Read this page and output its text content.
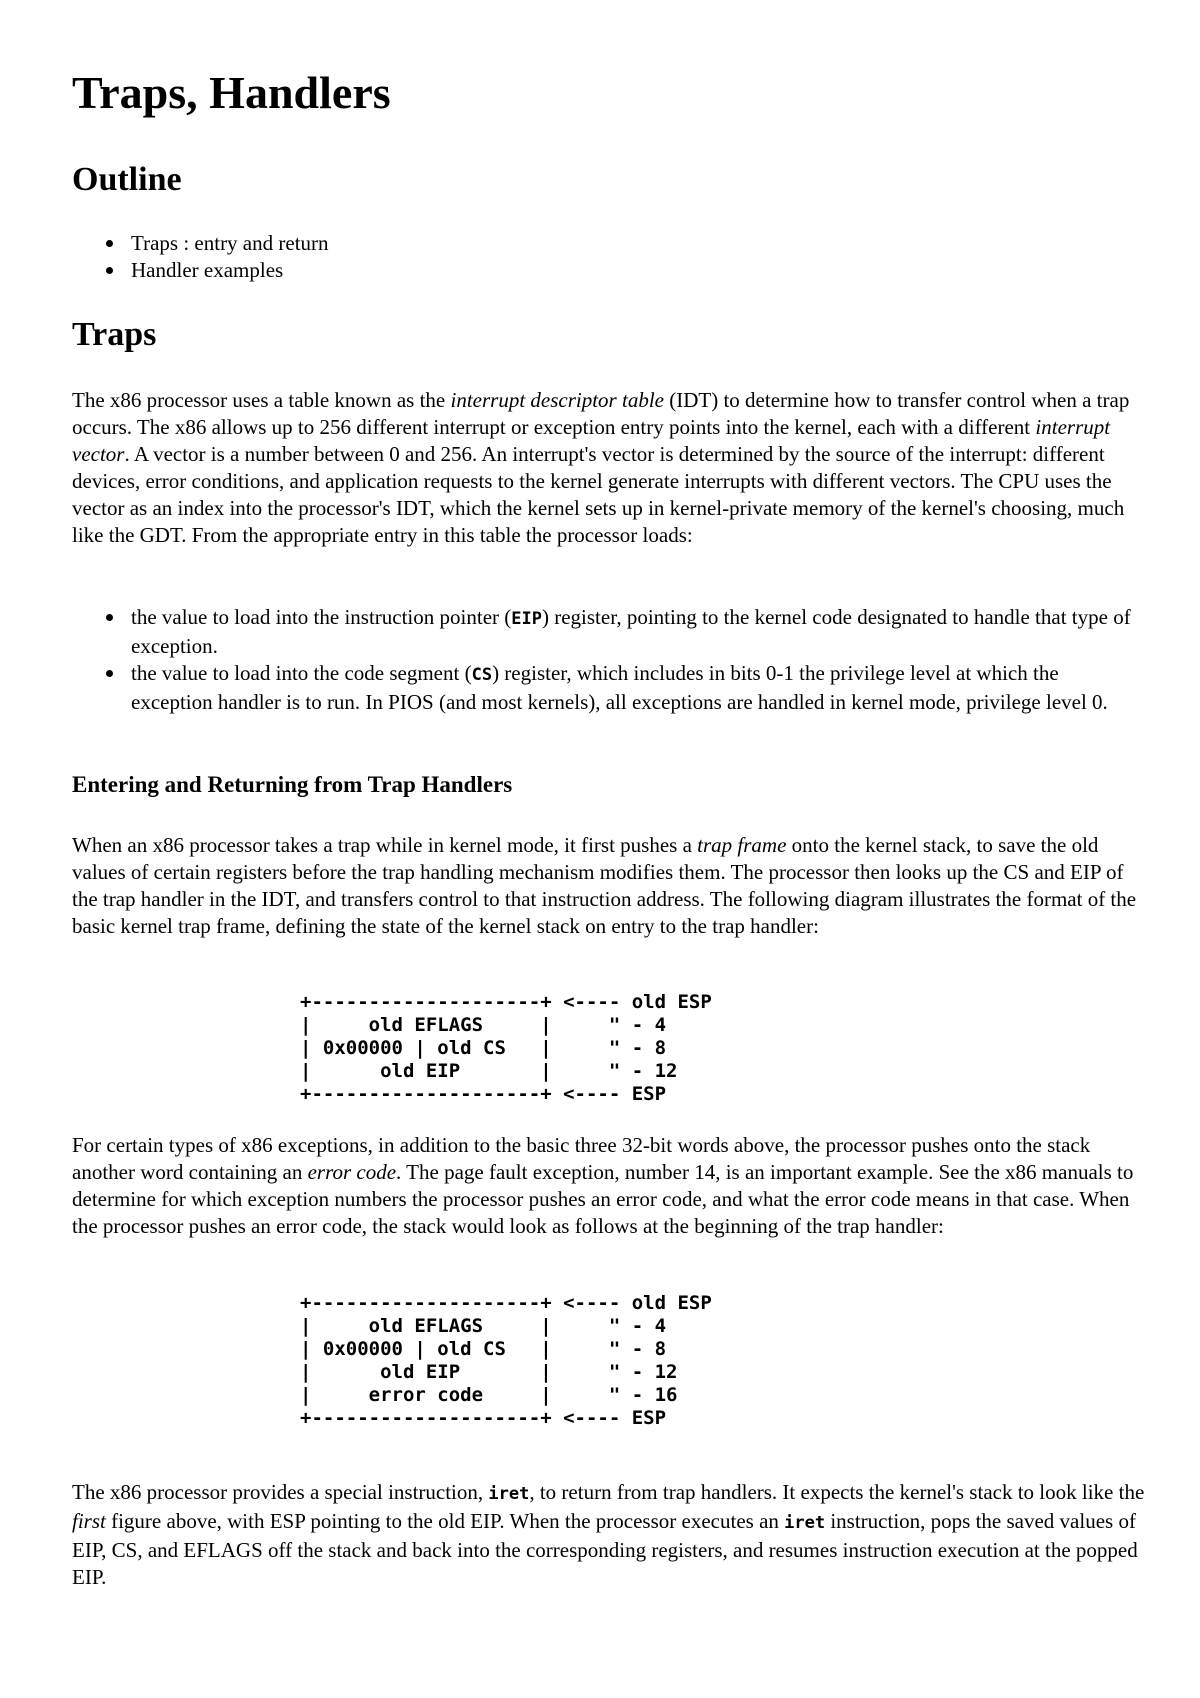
Traps, Handlers
Outline
Traps : entry and return
Handler examples
Traps

The x86 processor uses a table known as the interrupt descriptor table (IDT) to determine how to transfer control when a trap occurs. The x86 allows up to 256 different interrupt or exception entry points into the kernel, each with a different interrupt vector. A vector is a number between 0 and 256. An interrupt's vector is determined by the source of the interrupt: different devices, error conditions, and application requests to the kernel generate interrupts with different vectors. The CPU uses the vector as an index into the processor's IDT, which the kernel sets up in kernel-private memory of the kernel's choosing, much like the GDT. From the appropriate entry in this table the processor loads:

the value to load into the instruction pointer (EIP) register, pointing to the kernel code designated to handle that type of exception.
the value to load into the code segment (CS) register, which includes in bits 0-1 the privilege level at which the exception handler is to run. In PIOS (and most kernels), all exceptions are handled in kernel mode, privilege level 0.
Entering and Returning from Trap Handlers

When an x86 processor takes a trap while in kernel mode, it first pushes a trap frame onto the kernel stack, to save the old values of certain registers before the trap handling mechanism modifies them. The processor then looks up the CS and EIP of the trap handler in the IDT, and transfers control to that instruction address. The following diagram illustrates the format of the basic kernel trap frame, defining the state of the kernel stack on entry to the trap handler:

+--------------------+ <---- old ESP
|     old EFLAGS     |     " - 4
| 0x00000 | old CS   |     " - 8
|      old EIP       |     " - 12
+--------------------+ <---- ESP

For certain types of x86 exceptions, in addition to the basic three 32-bit words above, the processor pushes onto the stack another word containing an error code. The page fault exception, number 14, is an important example. See the x86 manuals to determine for which exception numbers the processor pushes an error code, and what the error code means in that case. When the processor pushes an error code, the stack would look as follows at the beginning of the trap handler:

+--------------------+ <---- old ESP
|     old EFLAGS     |     " - 4
| 0x00000 | old CS   |     " - 8
|      old EIP       |     " - 12
|     error code     |     " - 16
+--------------------+ <---- ESP

The x86 processor provides a special instruction, iret, to return from trap handlers. It expects the kernel's stack to look like the first figure above, with ESP pointing to the old EIP. When the processor executes an iret instruction, pops the saved values of EIP, CS, and EFLAGS off the stack and back into the corresponding registers, and resumes instruction execution at the popped EIP.
